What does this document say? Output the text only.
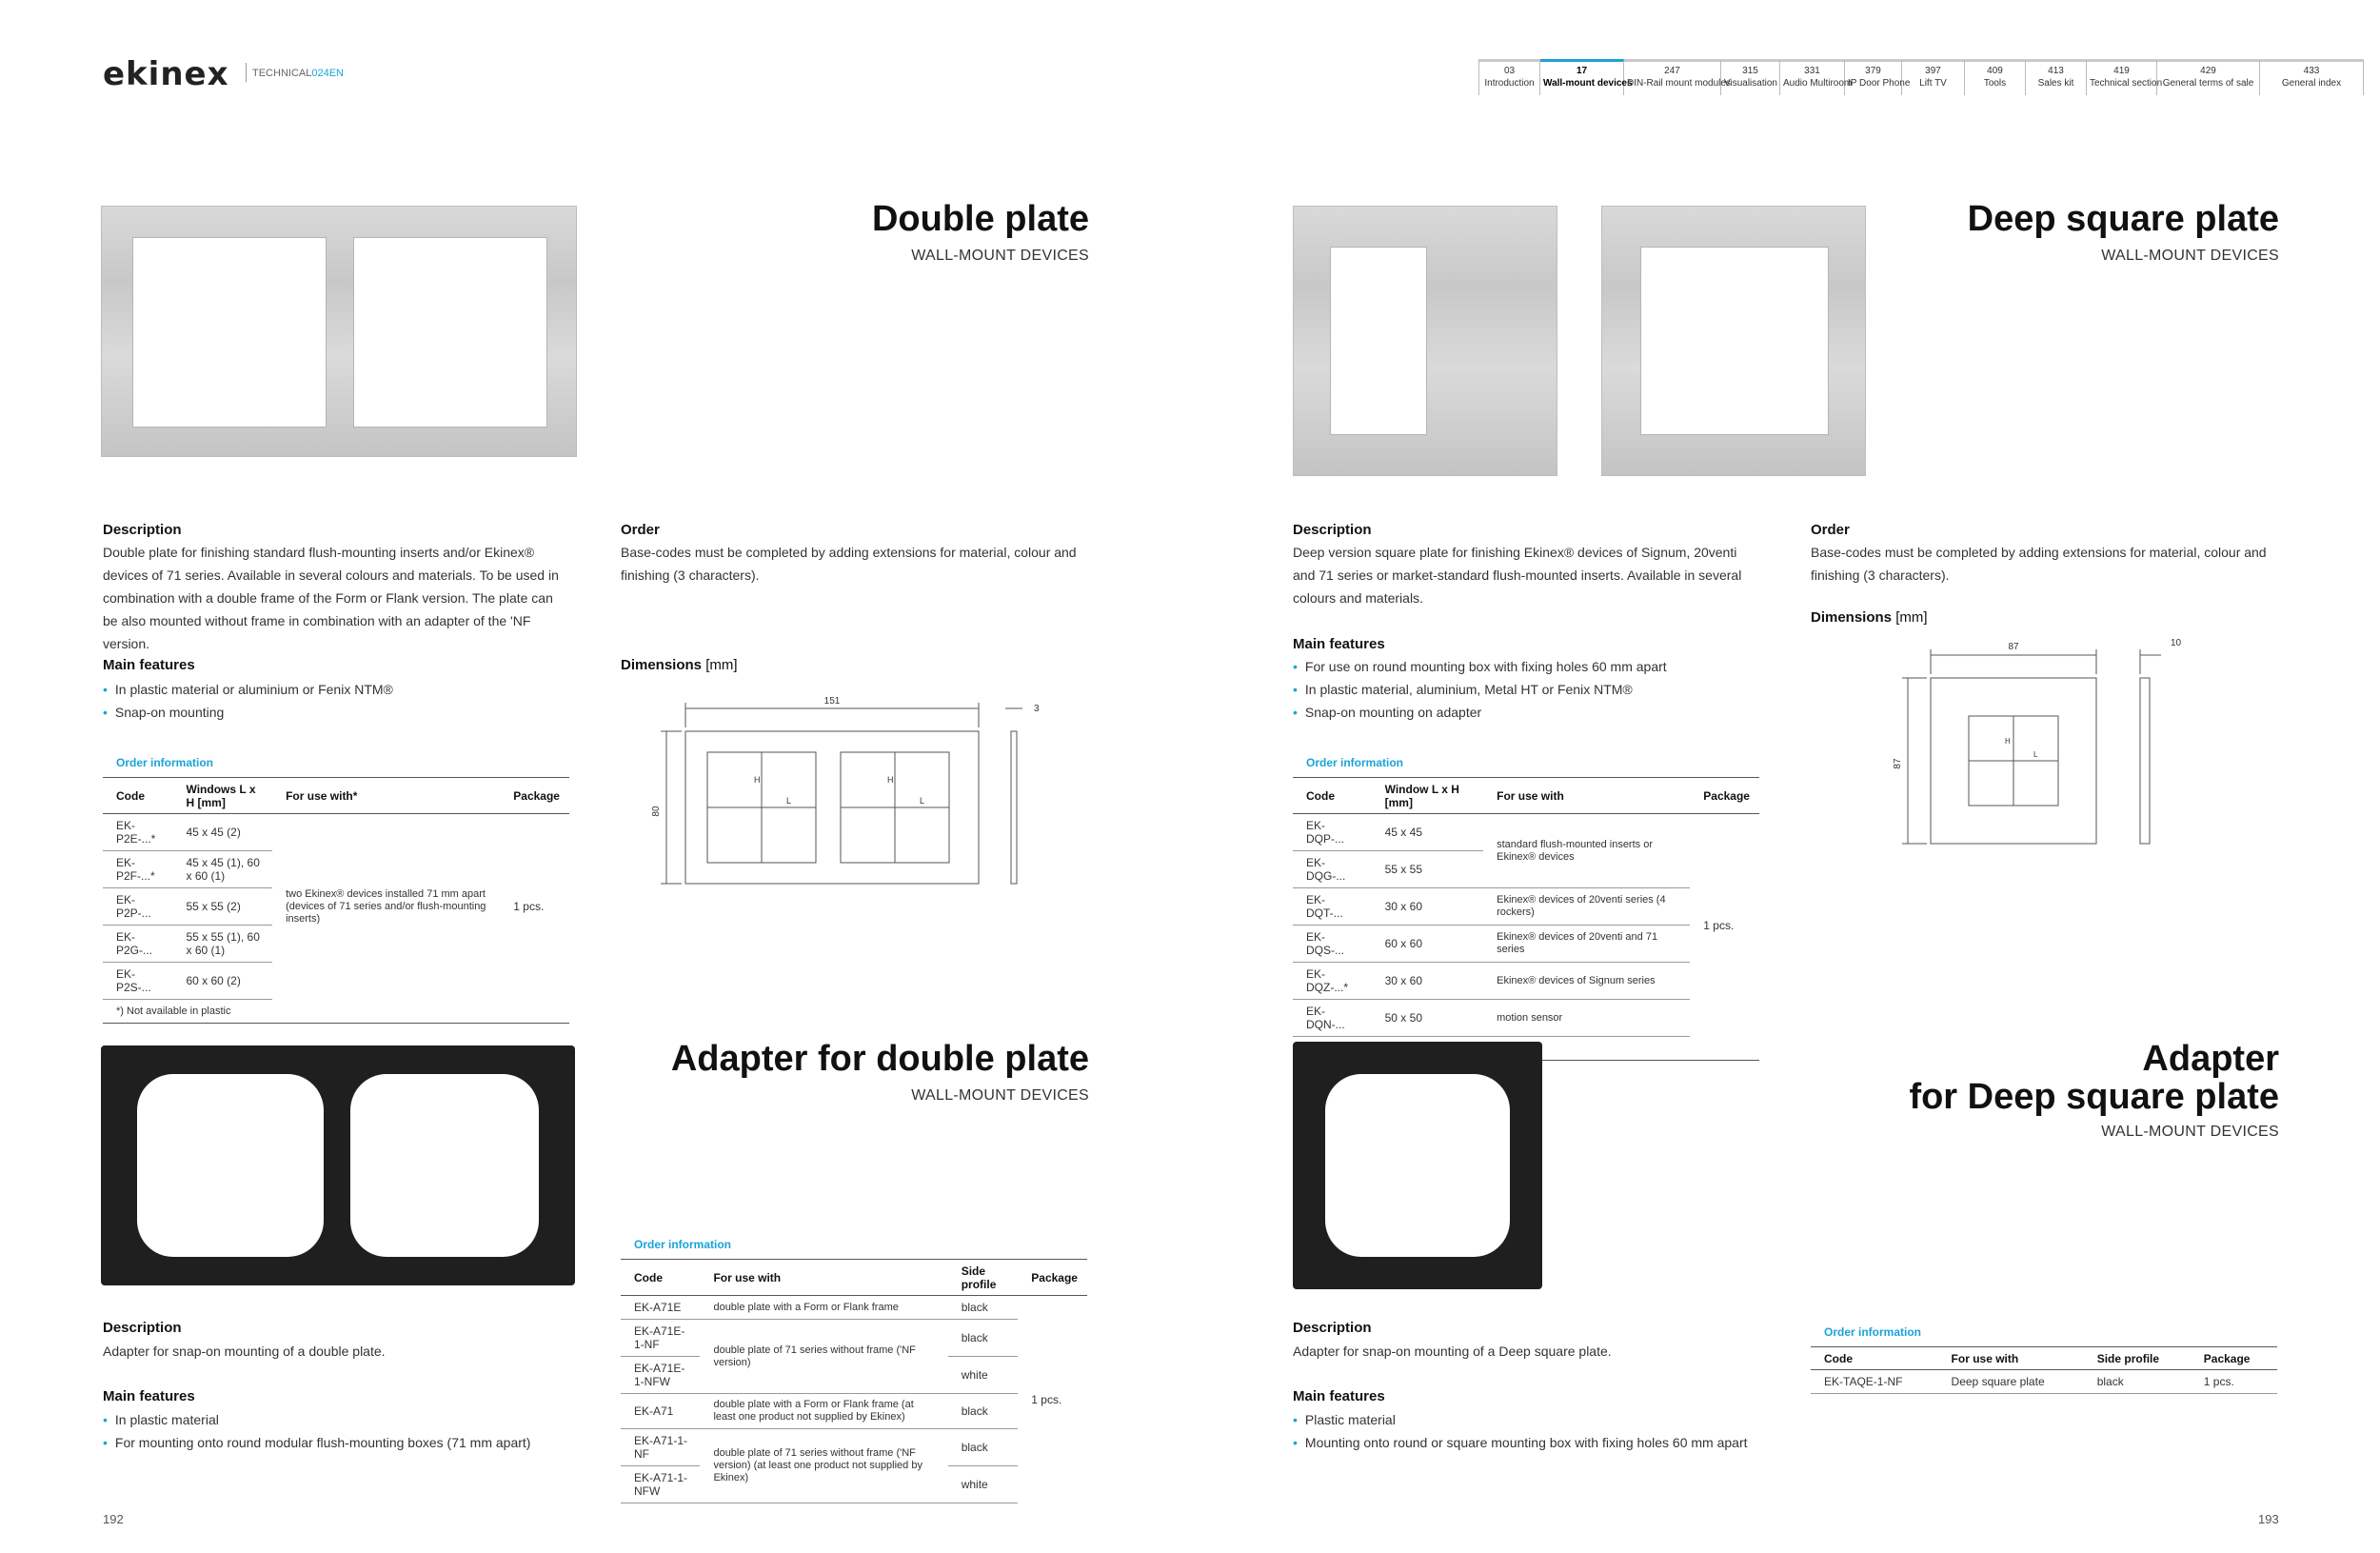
ekinex	TECHNICAL024EN	03
Introduction
17
Wall-mount devices
247
DIN-Rail mount modules
315
Visualisation
331
Audio Multiroom
379
IP Door Phone
397
Lift TV
409
Tools
413
Sales kit
419
Technical section
429
General terms of sale
433
General index
Double plate
WALL-MOUNT DEVICES
Description
Double plate for finishing standard flush-mounting inserts and/or Ekinex® devices of 71 series. Available in several colours and materials. To be used in combination with a double frame of the Form or Flank version. The plate can be also mounted without frame in combination with an adapter of the 'NF version.
Main features
• In plastic material or aluminium or Fenix NTM®
• Snap-on mounting
Order information
Code	Windows L x H [mm]	For use with*	Package
EK-P2E-...*	45 x 45 (2)	two Ekinex® devices installed 71 mm apart (devices of 71 series and/or flush-mounting inserts)	1 pcs.
EK-P2F-...*	45 x 45 (1), 60 x 60 (1)		
EK-P2P-...	55 x 55 (2)		
EK-P2G-...	55 x 55 (1), 60 x 60 (1)		
EK-P2S-...	60 x 60 (2)		
*) Not available in plastic			
Order
Base-codes must be completed by adding extensions for material, colour and finishing (3 characters).
Dimensions [mm]
151
80
3
H
L
H
L
Deep square plate
WALL-MOUNT DEVICES
Description
Deep version square plate for finishing Ekinex® devices of Signum, 20venti and 71 series or market-standard flush-mounted inserts. Available in several colours and materials.
Main features
• For use on round mounting box with fixing holes 60 mm apart
• In plastic material, aluminium, Metal HT or Fenix NTM®
• Snap-on mounting on adapter
Order information
Code	Window L x H [mm]	For use with	Package
EK-DQP-...	45 x 45	standard flush-mounted inserts or Ekinex® devices	1 pcs.
EK-DQG-...	55 x 55		
EK-DQT-...	30 x 60	Ekinex® devices of 20venti series (4 rockers)	
EK-DQS-...	60 x 60	Ekinex® devices of 20venti and 71 series	
EK-DQZ-...*	30 x 60	Ekinex® devices of Signum series	
EK-DQN-...	50 x 50	motion sensor	

Order
Base-codes must be completed by adding extensions for material, colour and finishing (3 characters).
Dimensions [mm]
87
87
10
H
L
Adapter for double plate
WALL-MOUNT DEVICES
Description
Adapter for snap-on mounting of a double plate.
Main features
• In plastic material
• For mounting onto round modular flush-mounting boxes (71 mm apart)
Order information
Code	For use with	Side profile	Package
EK-A71E	double plate with a Form or Flank frame	black	1 pcs.
EK-A71E-1-NF	double plate of 71 series without frame ('NF version)	black	
EK-A71E-1-NFW		white	
EK-A71	double plate with a Form or Flank frame (at least one product not supplied by Ekinex)	black	
EK-A71-1-NF	double plate of 71 series without frame ('NF version) (at least one product not supplied by Ekinex)	black	
EK-A71-1-NFW		white	
Adapter
for Deep square plate
WALL-MOUNT DEVICES
Description
Adapter for snap-on mounting of a Deep square plate.
Main features
• Plastic material
• Mounting onto round or square mounting box with fixing holes 60 mm apart
Order information
Code	For use with	Side profile	Package
EK-TAQE-1-NF	Deep square plate	black	1 pcs.
192	193
